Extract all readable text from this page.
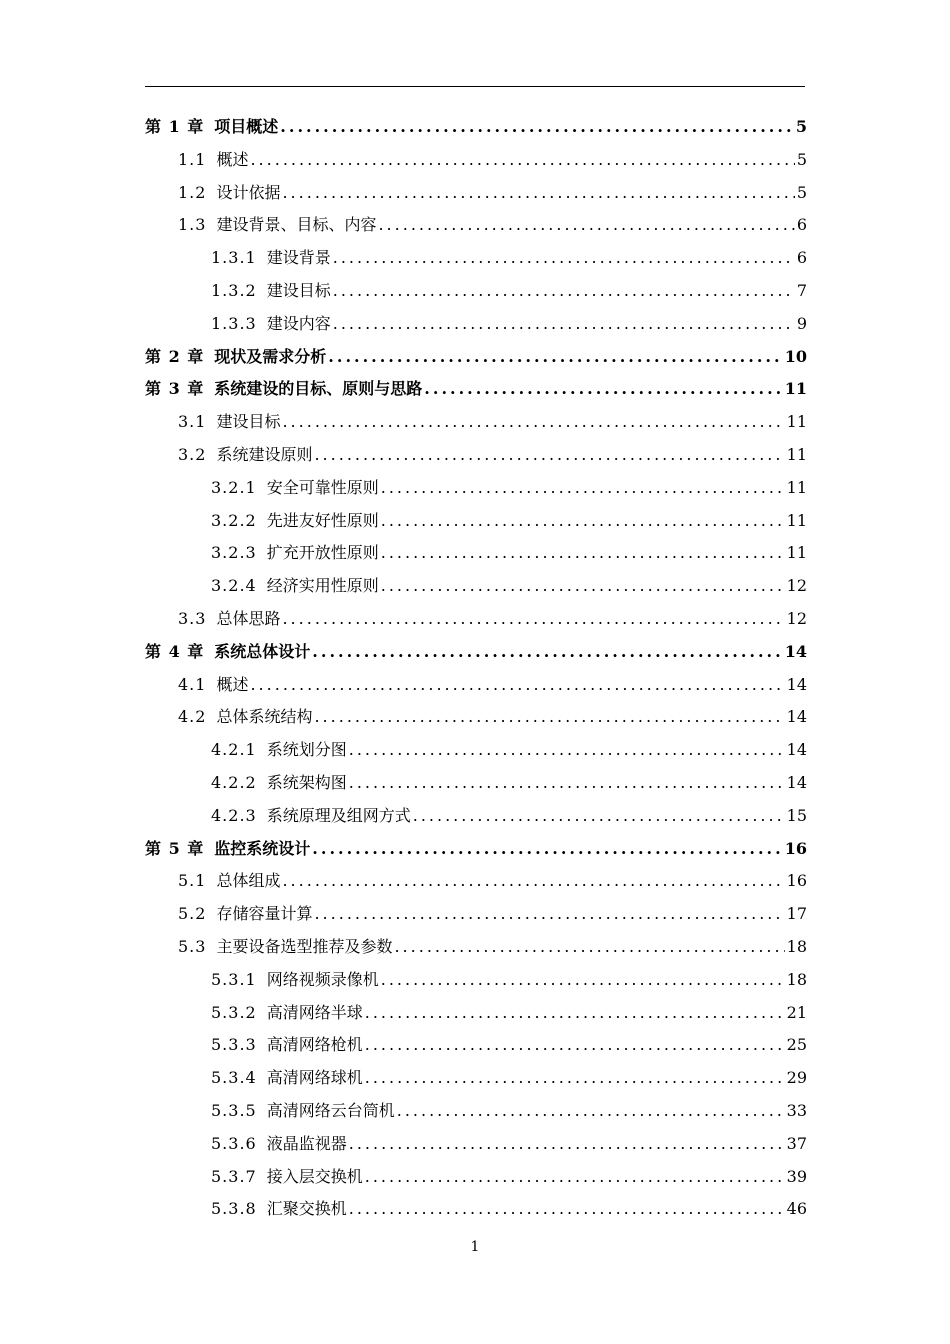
第 1 章 项目概述 .....	5
1.1 概述 .....	5
1.2 设计依据 .....	5
1.3 建设背景、目标、内容 .....	6
1.3.1 建设背景 .....	6
1.3.2 建设目标 .....	7
1.3.3 建设内容 .....	9
第 2 章 现状及需求分析 .....	10
第 3 章 系统建设的目标、原则与思路 .....	11
3.1 建设目标 .....	11
3.2 系统建设原则 .....	11
3.2.1 安全可靠性原则 .....	11
3.2.2 先进友好性原则 .....	11
3.2.3 扩充开放性原则 .....	11
3.2.4 经济实用性原则 .....	12
3.3 总体思路 .....	12
第 4 章 系统总体设计 .....	14
4.1 概述 .....	14
4.2 总体系统结构 .....	14
4.2.1 系统划分图 .....	14
4.2.2 系统架构图 .....	14
4.2.3 系统原理及组网方式 .....	15
第 5 章 监控系统设计 .....	16
5.1 总体组成 .....	16
5.2 存储容量计算 .....	17
5.3 主要设备选型推荐及参数 .....	18
5.3.1 网络视频录像机 .....	18
5.3.2 高清网络半球 .....	21
5.3.3 高清网络枪机 .....	25
5.3.4 高清网络球机 .....	29
5.3.5 高清网络云台筒机 .....	33
5.3.6 液晶监视器 .....	37
5.3.7 接入层交换机 .....	39
5.3.8 汇聚交换机 .....	46
1
